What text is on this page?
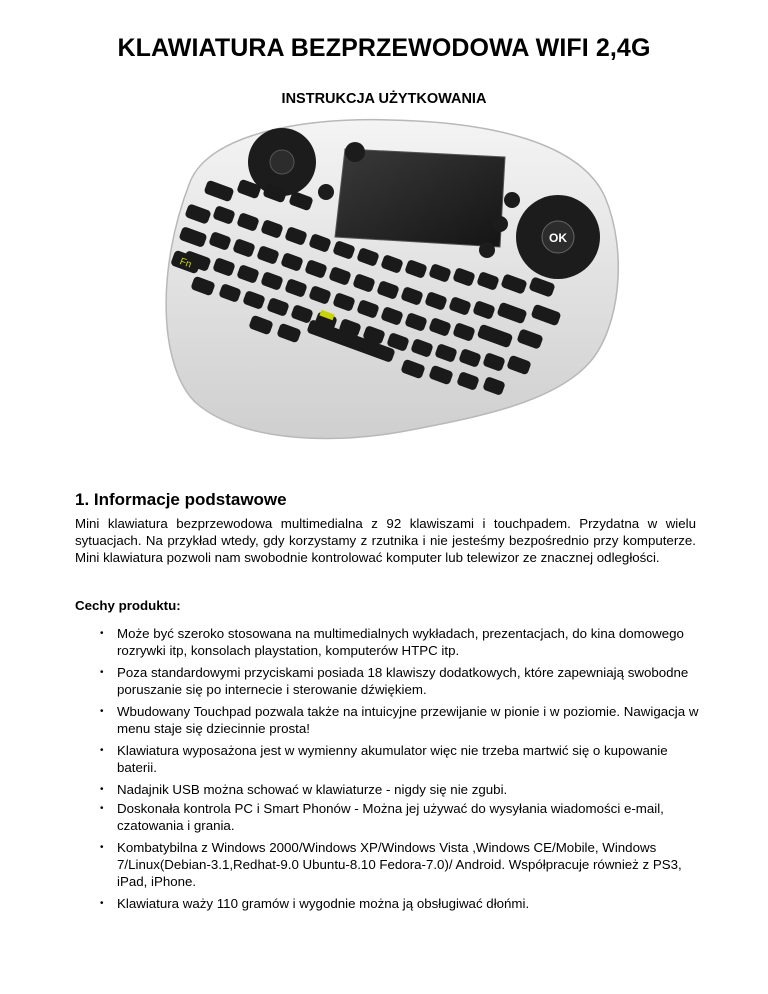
KLAWIATURA BEZPRZEWODOWA WIFI 2,4G
INSTRUKCJA UŻYTKOWANIA
OK
Fn
1. Informacje podstawowe
Mini klawiatura bezprzewodowa multimedialna z 92 klawiszami i touchpadem. Przydatna w wielu sytuacjach. Na przykład wtedy, gdy korzystamy z rzutnika i nie jesteśmy bezpośrednio przy komputerze. Mini klawiatura pozwoli nam swobodnie kontrolować komputer lub telewizor ze znacznej odległości.
Cechy produktu:
• Może być szeroko stosowana na multimedialnych wykładach, prezentacjach, do kina domowego rozrywki itp, konsolach playstation, komputerów HTPC itp.
• Poza standardowymi przyciskami posiada 18 klawiszy dodatkowych, które zapewniają swobodne poruszanie się po internecie i sterowanie dźwiękiem.
• Wbudowany Touchpad pozwala także na intuicyjne przewijanie w pionie i w poziomie. Nawigacja w menu staje się dziecinnie prosta!
• Klawiatura wyposażona jest w wymienny akumulator więc nie trzeba martwić się o kupowanie baterii.
• Nadajnik USB można schować w klawiaturze - nigdy się nie zgubi.
• Doskonała kontrola PC i Smart Phonów - Można jej używać do wysyłania wiadomości e-mail, czatowania i grania.
• Kombatybilna z Windows 2000/Windows XP/Windows Vista ,Windows CE/Mobile, Windows 7/Linux(Debian-3.1,Redhat-9.0 Ubuntu-8.10 Fedora-7.0)/ Android. Współpracuje również z PS3, iPad, iPhone.
• Klawiatura waży 110 gramów i wygodnie można ją obsługiwać dłońmi.
